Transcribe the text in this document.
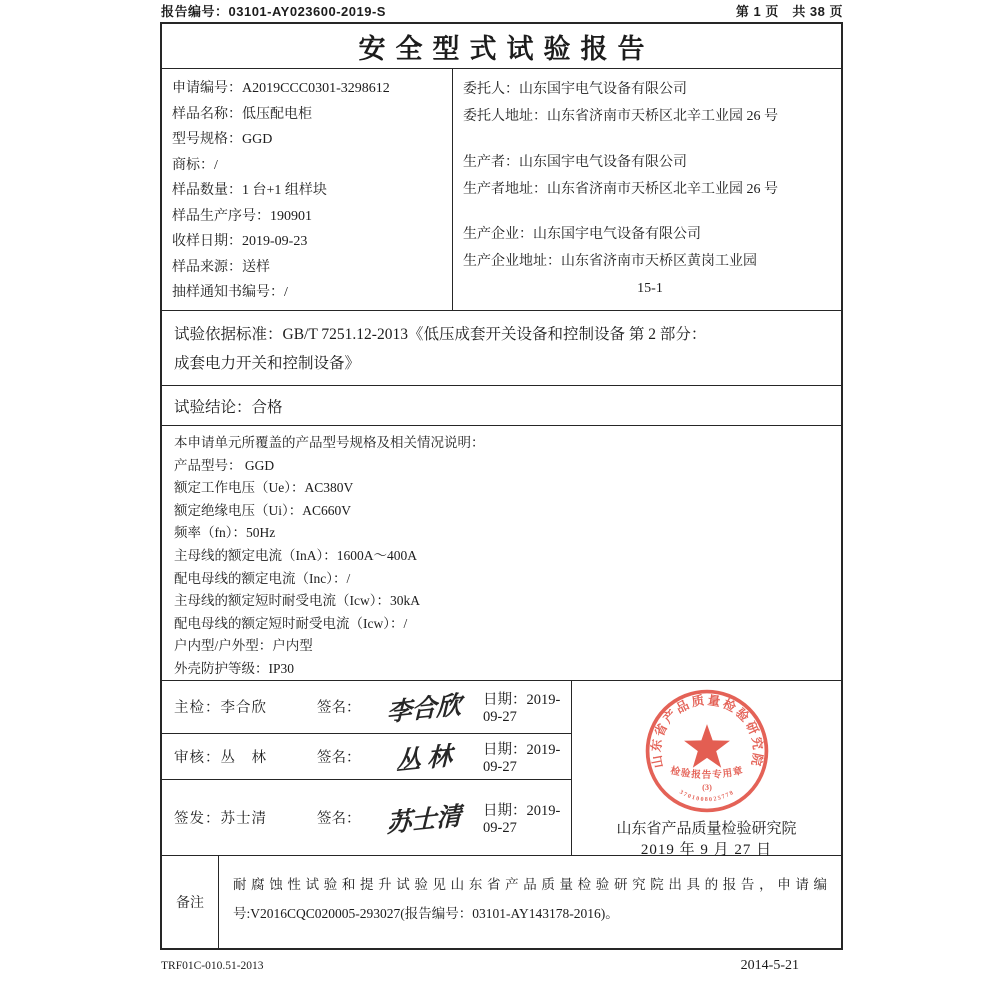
报告编号：03101-AY023600-2019-S	第 1 页　共 38 页
安全型式试验报告
申请编号：A2019CCC0301-3298612
样品名称：低压配电柜
型号规格：GGD
商标：/
样品数量：1 台+1 组样块
样品生产序号：190901
收样日期：2019-09-23
样品来源：送样
抽样通知书编号：/
委托人：山东国宇电气设备有限公司
委托人地址：山东省济南市天桥区北辛工业园 26 号
生产者：山东国宇电气设备有限公司
生产者地址：山东省济南市天桥区北辛工业园 26 号
生产企业：山东国宇电气设备有限公司
生产企业地址：山东省济南市天桥区黄岗工业园
15-1
试验依据标准：GB/T 7251.12-2013《低压成套开关设备和控制设备 第 2 部分：
成套电力开关和控制设备》
试验结论：合格
本申请单元所覆盖的产品型号规格及相关情况说明：
产品型号： GGD
额定工作电压（Ue）：AC380V
额定绝缘电压（Ui）：AC660V
频率（fn）：50Hz
主母线的额定电流（InA）：1600A～400A
配电母线的额定电流（Inc）：/
主母线的额定短时耐受电流（Icw）：30kA
配电母线的额定短时耐受电流（Icw）：/
户内型/户外型：户内型
外壳防护等级：IP30
主检：李合欣	签名：	李合欣	日期：2019-09-27
审核：丛　林	签名：	丛 林	日期：2019-09-27
签发：苏士清	签名：	苏士清	日期：2019-09-27
山东省产品质量检验研究院
检验报告专用章
(3)
3701008025778
山东省产品质量检验研究院
2019 年 9 月 27 日
备注
耐腐蚀性试验和提升试验见山东省产品质量检验研究院出具的报告，申请编
号:V2016CQC020005-293027(报告编号：03101-AY143178-2016)。
TRF01C-010.51-2013	2014-5-21
